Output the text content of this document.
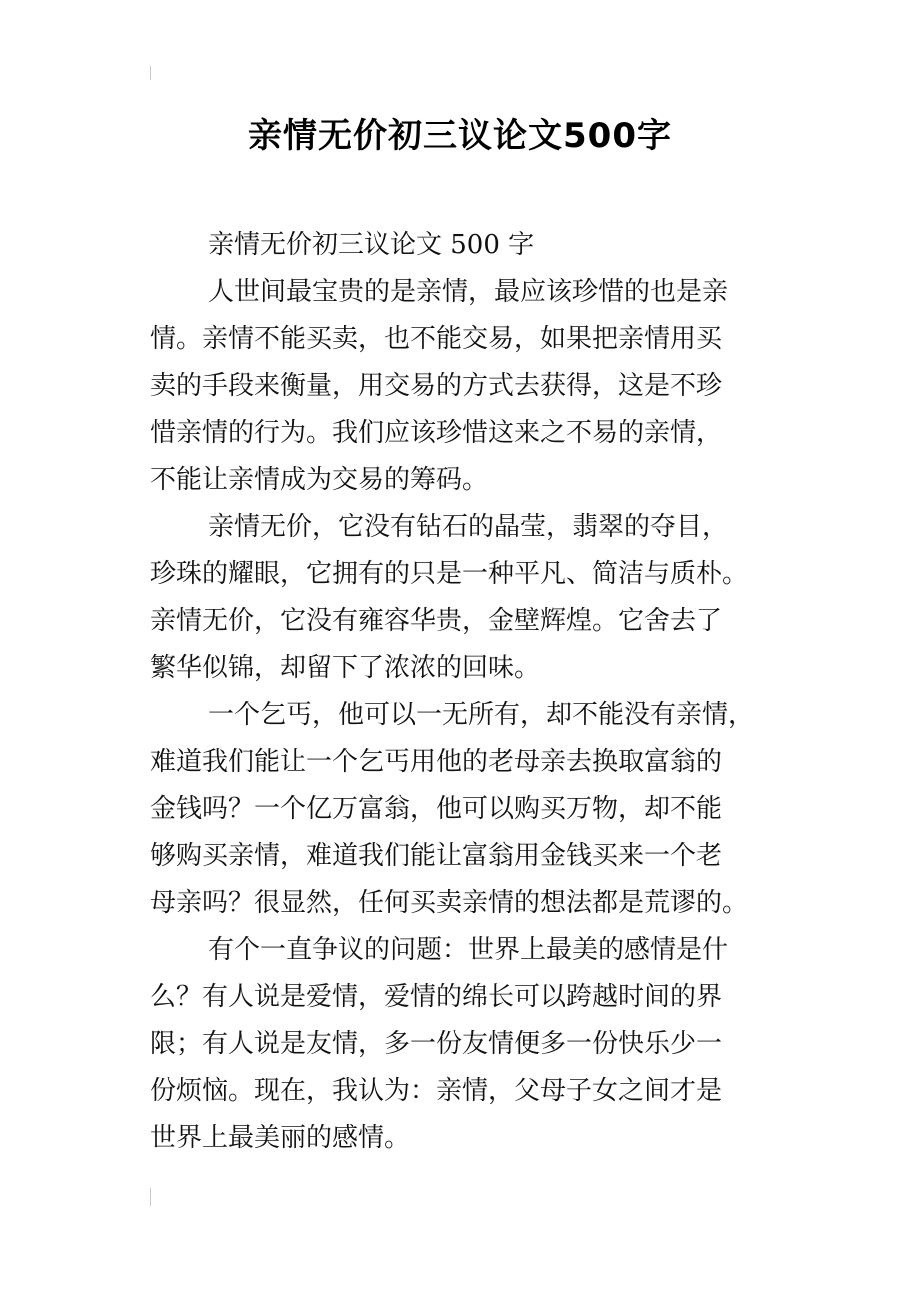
亲情无价初三议论文500字
亲情无价初三议论文 500 字
人世间最宝贵的是亲情，最应该珍惜的也是亲
情。亲情不能买卖，也不能交易，如果把亲情用买
卖的手段来衡量，用交易的方式去获得，这是不珍
惜亲情的行为。我们应该珍惜这来之不易的亲情，
不能让亲情成为交易的筹码。
亲情无价，它没有钻石的晶莹，翡翠的夺目，
珍珠的耀眼，它拥有的只是一种平凡、简洁与质朴。
亲情无价，它没有雍容华贵，金壁辉煌。它舍去了
繁华似锦，却留下了浓浓的回味。
一个乞丐，他可以一无所有，却不能没有亲情，
难道我们能让一个乞丐用他的老母亲去换取富翁的
金钱吗？一个亿万富翁，他可以购买万物，却不能
够购买亲情，难道我们能让富翁用金钱买来一个老
母亲吗？很显然，任何买卖亲情的想法都是荒谬的。
有个一直争议的问题：世界上最美的感情是什
么？有人说是爱情，爱情的绵长可以跨越时间的界
限；有人说是友情，多一份友情便多一份快乐少一
份烦恼。现在，我认为：亲情，父母子女之间才是
世界上最美丽的感情。
